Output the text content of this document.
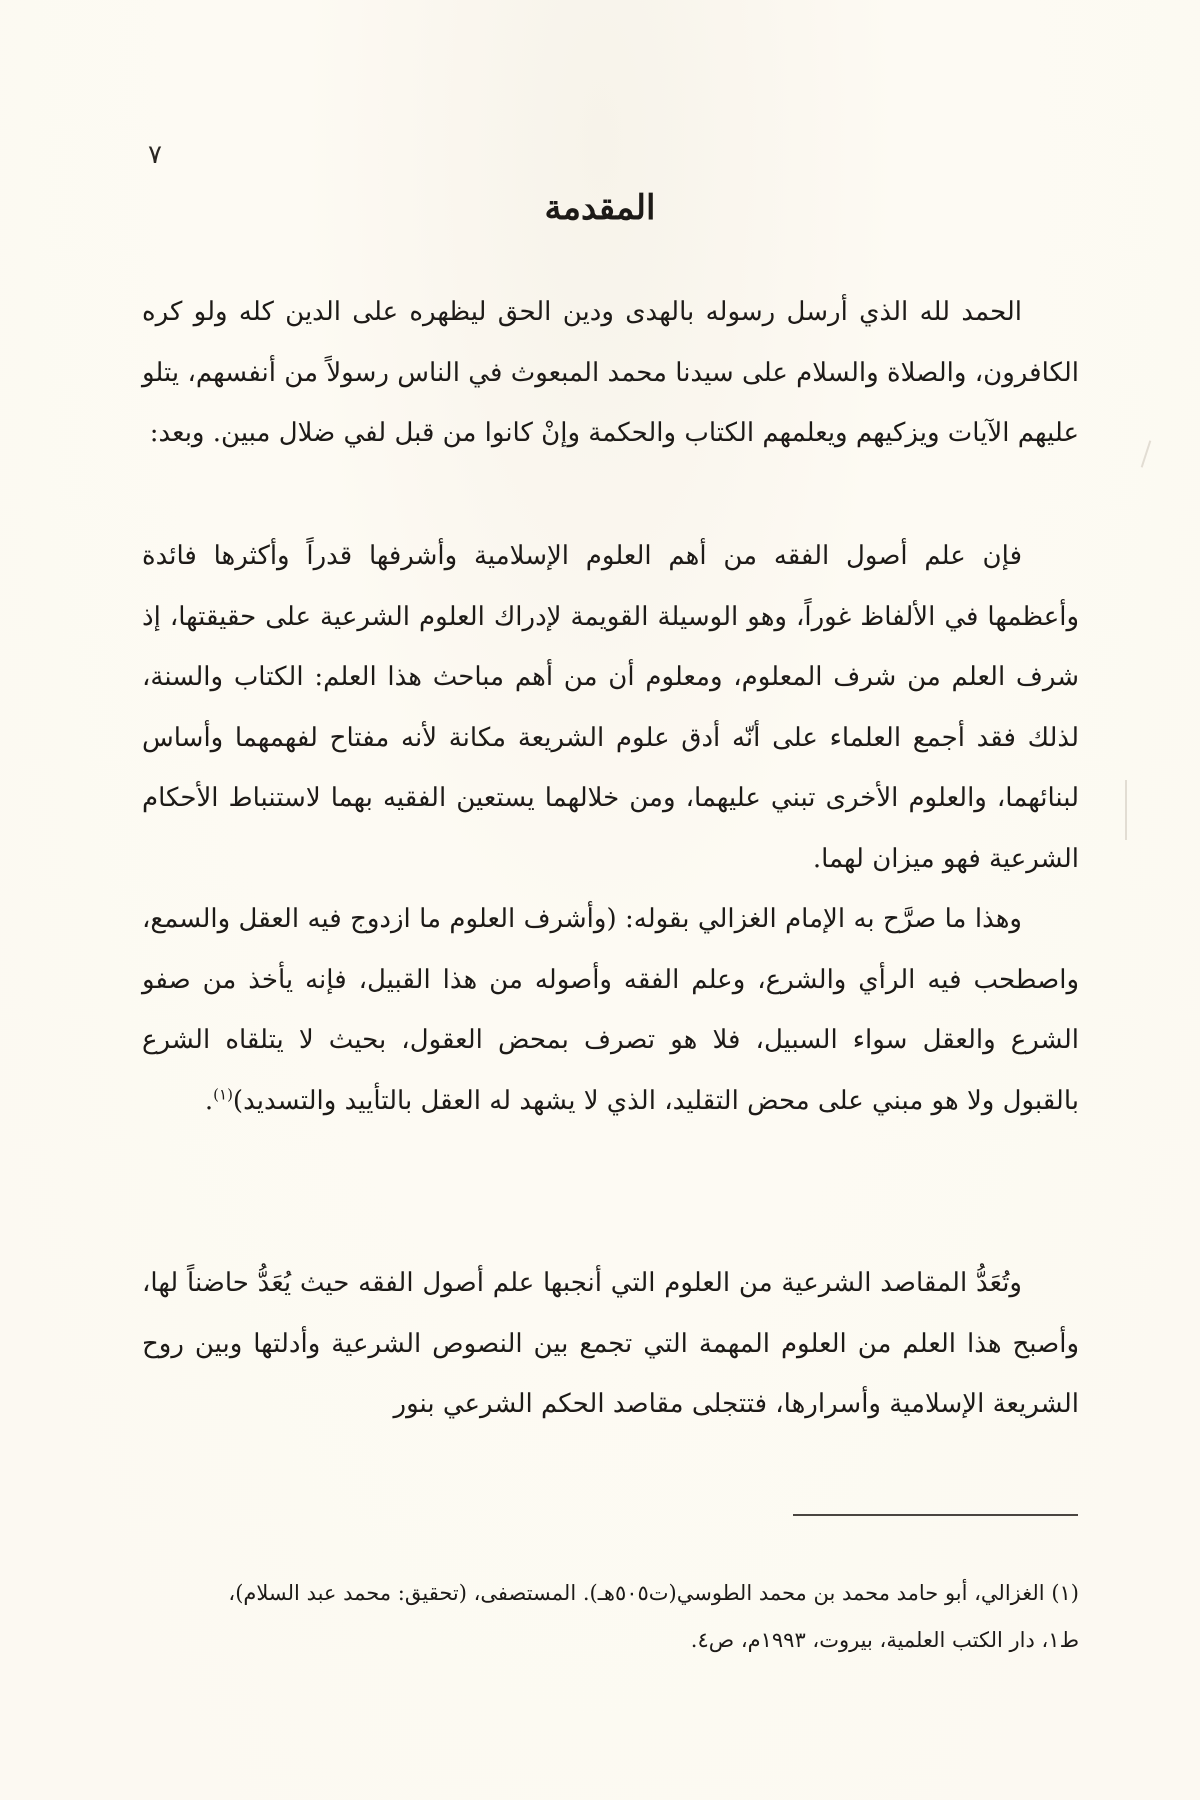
٧
المقدمة

الحمد لله الذي أرسل رسوله بالهدى ودين الحق ليظهره على الدين كله ولو كره الكافرون، والصلاة والسلام على سيدنا محمد المبعوث في الناس رسولاً من أنفسهم، يتلو عليهم الآيات ويزكيهم ويعلمهم الكتاب والحكمة وإنْ كانوا من قبل لفي ضلال مبين. وبعد:

فإن علم أصول الفقه من أهم العلوم الإسلامية وأشرفها قدراً وأكثرها فائدة وأعظمها في الألفاظ غوراً، وهو الوسيلة القويمة لإدراك العلوم الشرعية على حقيقتها، إذ شرف العلم من شرف المعلوم، ومعلوم أن من أهم مباحث هذا العلم: الكتاب والسنة، لذلك فقد أجمع العلماء على أنّه أدق علوم الشريعة مكانة لأنه مفتاح لفهمهما وأساس لبنائهما، والعلوم الأخرى تبني عليهما، ومن خلالهما يستعين الفقيه بهما لاستنباط الأحكام الشرعية فهو ميزان لهما.

وهذا ما صرَّح به الإمام الغزالي بقوله: (وأشرف العلوم ما ازدوج فيه العقل والسمع، واصطحب فيه الرأي والشرع، وعلم الفقه وأصوله من هذا القبيل، فإنه يأخذ من صفو الشرع والعقل سواء السبيل، فلا هو تصرف بمحض العقول، بحيث لا يتلقاه الشرع بالقبول ولا هو مبني على محض التقليد، الذي لا يشهد له العقل بالتأييد والتسديد)$^{(١)}$.

وتُعَدُّ المقاصد الشرعية من العلوم التي أنجبها علم أصول الفقه حيث يُعَدُّ حاضناً لها، وأصبح هذا العلم من العلوم المهمة التي تجمع بين النصوص الشرعية وأدلتها وبين روح الشريعة الإسلامية وأسرارها، فتتجلى مقاصد الحكم الشرعي بنور

(١) الغزالي، أبو حامد محمد بن محمد الطوسي(ت٥٠٥هـ). المستصفى، (تحقيق: محمد عبد السلام)،

ط١، دار الكتب العلمية، بيروت، ١٩٩٣م، ص٤.
